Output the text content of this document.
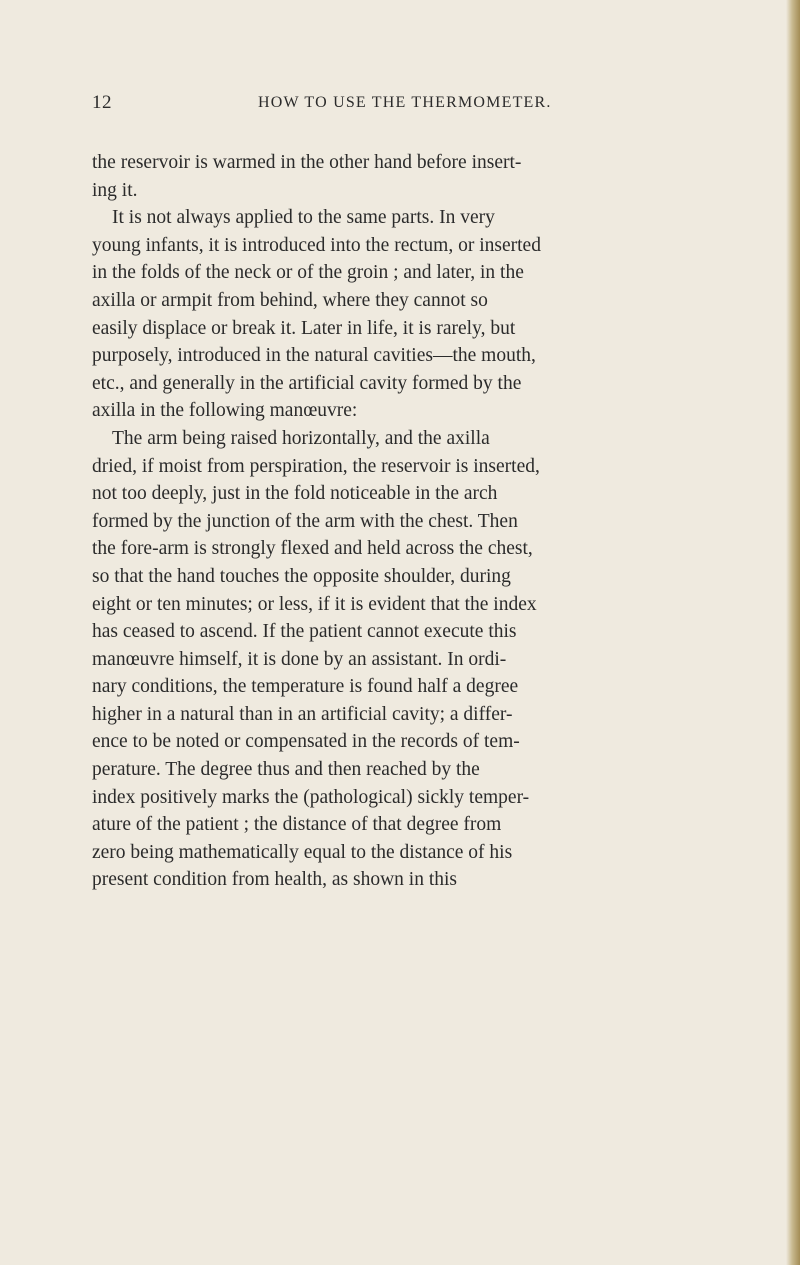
12	HOW TO USE THE THERMOMETER.
the reservoir is warmed in the other hand before insert-
ing it.
It is not always applied to the same parts. In very
young infants, it is introduced into the rectum, or inserted
in the folds of the neck or of the groin ; and later, in the
axilla or armpit from behind, where they cannot so
easily displace or break it. Later in life, it is rarely, but
purposely, introduced in the natural cavities—the mouth,
etc., and generally in the artificial cavity formed by the
axilla in the following manœuvre:
The arm being raised horizontally, and the axilla
dried, if moist from perspiration, the reservoir is inserted,
not too deeply, just in the fold noticeable in the arch
formed by the junction of the arm with the chest. Then
the fore-arm is strongly flexed and held across the chest,
so that the hand touches the opposite shoulder, during
eight or ten minutes; or less, if it is evident that the index
has ceased to ascend. If the patient cannot execute this
manœuvre himself, it is done by an assistant. In ordi-
nary conditions, the temperature is found half a degree
higher in a natural than in an artificial cavity; a differ-
ence to be noted or compensated in the records of tem-
perature. The degree thus and then reached by the
index positively marks the (pathological) sickly temper-
ature of the patient ; the distance of that degree from
zero being mathematically equal to the distance of his
present condition from health, as shown in this
